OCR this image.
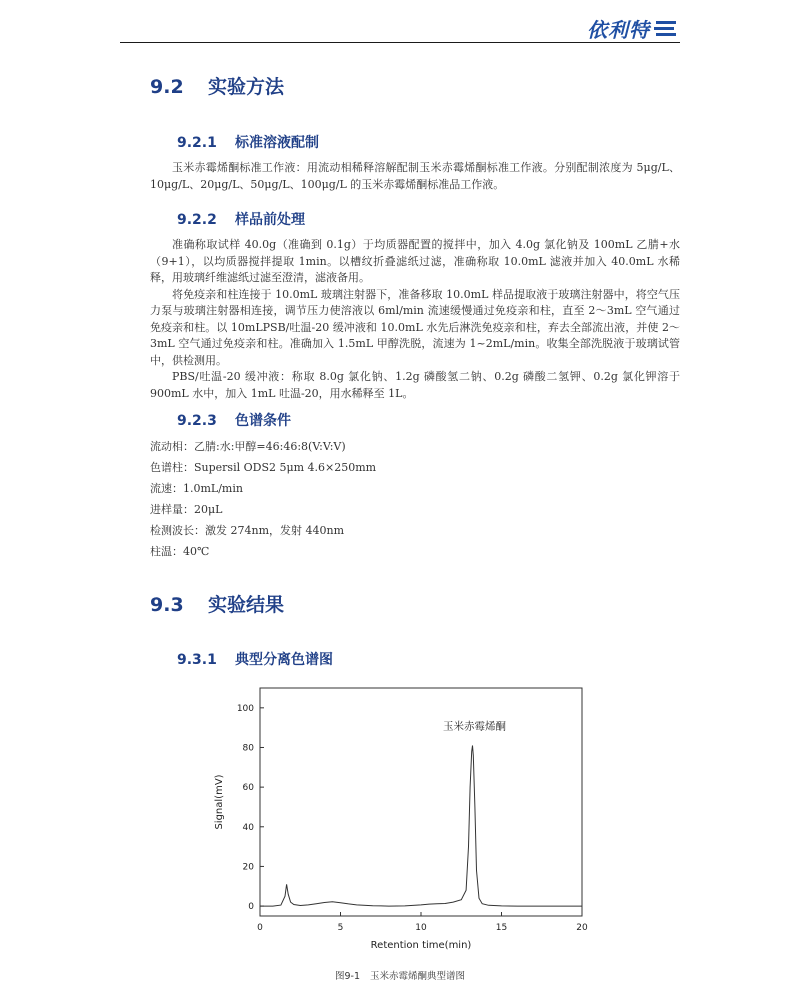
依利特
9.2 实验方法
9.2.1 标准溶液配制

玉米赤霉烯酮标准工作液：用流动相稀释溶解配制玉米赤霉烯酮标准工作液。分别配制浓度为 5μg/L、10μg/L、20μg/L、50μg/L、100μg/L 的玉米赤霉烯酮标准品工作液。

9.2.2 样品前处理

准确称取试样 40.0g（准确到 0.1g）于均质器配置的搅拌中，加入 4.0g 氯化钠及 100mL 乙腈+水（9+1），以均质器搅拌提取 1min。以槽纹折叠滤纸过滤，准确称取 10.0mL 滤液并加入 40.0mL 水稀释，用玻璃纤维滤纸过滤至澄清，滤液备用。

将免疫亲和柱连接于 10.0mL 玻璃注射器下，准备移取 10.0mL 样品提取液于玻璃注射器中，将空气压力泵与玻璃注射器相连接，调节压力使溶液以 6ml/min 流速缓慢通过免疫亲和柱，直至 2～3mL 空气通过免疫亲和柱。以 10mLPSB/吐温-20 缓冲液和 10.0mL 水先后淋洗免疫亲和柱，弃去全部流出液，并使 2～3mL 空气通过免疫亲和柱。准确加入 1.5mL 甲醇洗脱，流速为 1~2mL/min。收集全部洗脱液于玻璃试管中，供检测用。

PBS/吐温-20 缓冲液：称取 8.0g 氯化钠、1.2g 磷酸氢二钠、0.2g 磷酸二氢钾、0.2g 氯化钾溶于 900mL 水中，加入 1mL 吐温-20，用水稀释至 1L。

9.2.3 色谱条件
流动相：乙腈:水:甲醇=46:46:8(V:V:V)
色谱柱：Supersil ODS2 5μm 4.6×250mm
流速：1.0mL/min
进样量：20μL
检测波长：激发 274nm，发射 440nm
柱温：40℃
9.3 实验结果
9.3.1 典型分离色谱图
0	5	10	15	20
0
20
40
60
80
100
Retention time(min)
Signal(mV)
玉米赤霉烯酮
图9-1 玉米赤霉烯酮典型谱图
